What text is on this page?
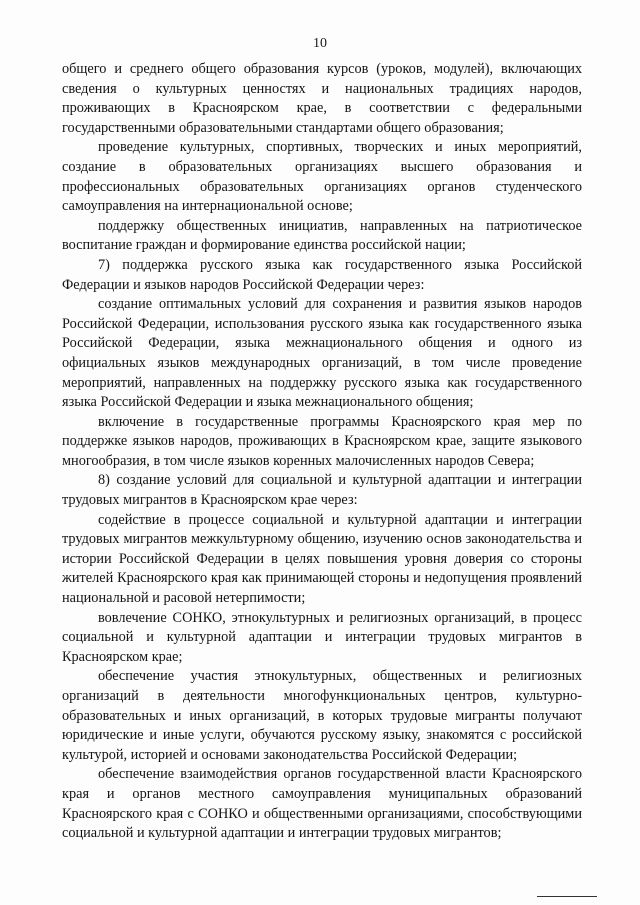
10

общего и среднего общего образования курсов (уроков, модулей), включающих сведения о культурных ценностях и национальных традициях народов, проживающих в Красноярском крае, в соответствии с федеральными государственными образовательными стандартами общего образования;

проведение культурных, спортивных, творческих и иных мероприятий, создание в образовательных организациях высшего образования и профессиональных образовательных организациях органов студенческого самоуправления на интернациональной основе;

поддержку общественных инициатив, направленных на патриотическое воспитание граждан и формирование единства российской нации;

7) поддержка русского языка как государственного языка Российской Федерации и языков народов Российской Федерации через:

создание оптимальных условий для сохранения и развития языков народов Российской Федерации, использования русского языка как государственного языка Российской Федерации, языка межнационального общения и одного из официальных языков международных организаций, в том числе проведение мероприятий, направленных на поддержку русского языка как государственного языка Российской Федерации и языка межнационального общения;

включение в государственные программы Красноярского края мер по поддержке языков народов, проживающих в Красноярском крае, защите языкового многообразия, в том числе языков коренных малочисленных народов Севера;

8) создание условий для социальной и культурной адаптации и интеграции трудовых мигрантов в Красноярском крае через:

содействие в процессе социальной и культурной адаптации и интеграции трудовых мигрантов межкультурному общению, изучению основ законодательства и истории Российской Федерации в целях повышения уровня доверия со стороны жителей Красноярского края как принимающей стороны и недопущения проявлений национальной и расовой нетерпимости;

вовлечение СОНКО, этнокультурных и религиозных организаций, в процесс социальной и культурной адаптации и интеграции трудовых мигрантов в Красноярском крае;

обеспечение участия этнокультурных, общественных и религиозных организаций в деятельности многофункциональных центров, культурно-образовательных и иных организаций, в которых трудовые мигранты получают юридические и иные услуги, обучаются русскому языку, знакомятся с российской культурой, историей и основами законодательства Российской Федерации;

обеспечение взаимодействия органов государственной власти Красноярского края и органов местного самоуправления муниципальных образований Красноярского края с СОНКО и общественными организациями, способствующими социальной и культурной адаптации и интеграции трудовых мигрантов;
